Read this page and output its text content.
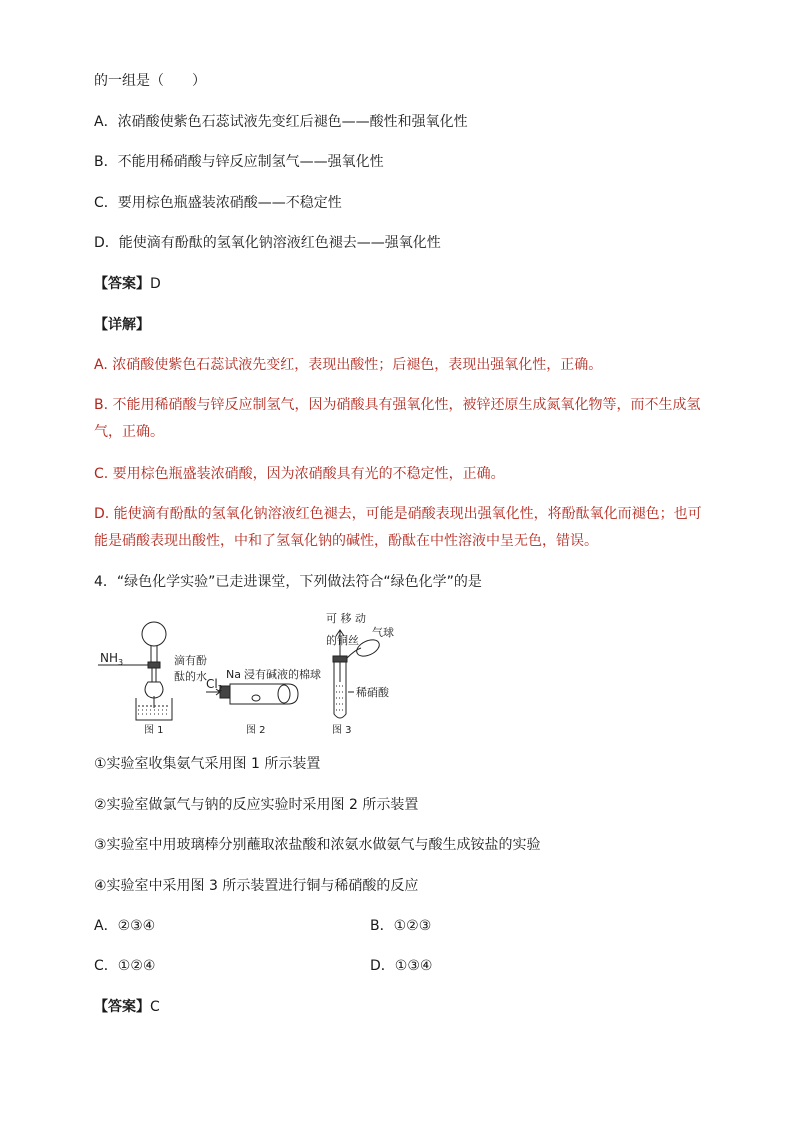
的一组是（　　）
A．浓硝酸使紫色石蕊试液先变红后褪色——酸性和强氧化性
B．不能用稀硝酸与锌反应制氢气——强氧化性
C．要用棕色瓶盛装浓硝酸——不稳定性
D．能使滴有酚酞的氢氧化钠溶液红色褪去——强氧化性
【答案】D
【详解】
A. 浓硝酸使紫色石蕊试液先变红，表现出酸性；后褪色，表现出强氧化性，正确。
B. 不能用稀硝酸与锌反应制氢气，因为硝酸具有强氧化性，被锌还原生成氮氧化物等，而不生成氢气，正确。
C. 要用棕色瓶盛装浓硝酸，因为浓硝酸具有光的不稳定性，正确。
D. 能使滴有酚酞的氢氧化钠溶液红色褪去，可能是硝酸表现出强氧化性，将酚酞氧化而褪色；也可能是硝酸表现出酸性，中和了氢氧化钠的碱性，酚酞在中性溶液中呈无色，错误。
4．“绿色化学实验”已走进课堂，下列做法符合“绿色化学”的是
$NH_3$	滴有酚
酞的水
图 1
$Cl_2$
Na 浸有碱液的棉球
图 2
可 移 动
的铜丝
气球
稀硝酸
图 3
①实验室收集氨气采用图 1 所示装置
②实验室做氯气与钠的反应实验时采用图 2 所示装置
③实验室中用玻璃棒分别蘸取浓盐酸和浓氨水做氨气与酸生成铵盐的实验
④实验室中采用图 3 所示装置进行铜与稀硝酸的反应
A．②③④	B．①②③
C．①②④	D．①③④
【答案】C
